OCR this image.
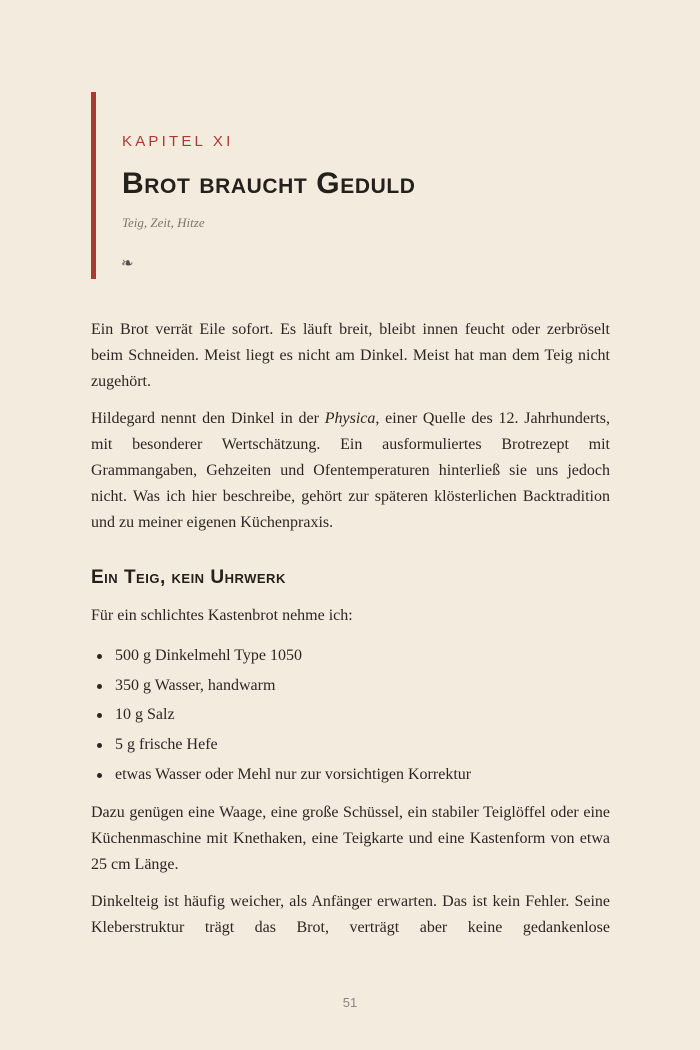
KAPITEL XI
Brot braucht Geduld
Teig, Zeit, Hitze
❧

Ein Brot verrät Eile sofort. Es läuft breit, bleibt innen feucht oder zerbröselt beim Schneiden. Meist liegt es nicht am Dinkel. Meist hat man dem Teig nicht zugehört.

Hildegard nennt den Dinkel in der Physica, einer Quelle des 12. Jahrhunderts, mit besonderer Wertschätzung. Ein ausformuliertes Brotrezept mit Grammangaben, Gehzeiten und Ofentemperaturen hinterließ sie uns jedoch nicht. Was ich hier beschreibe, gehört zur späteren klösterlichen Backtradition und zu meiner eigenen Küchenpraxis.

Ein Teig, kein Uhrwerk

Für ein schlichtes Kastenbrot nehme ich:

500 g Dinkelmehl Type 1050
350 g Wasser, handwarm
10 g Salz
5 g frische Hefe
etwas Wasser oder Mehl nur zur vorsichtigen Korrektur

Dazu genügen eine Waage, eine große Schüssel, ein stabiler Teiglöffel oder eine Küchenmaschine mit Knethaken, eine Teigkarte und eine Kastenform von etwa 25 cm Länge.

Dinkelteig ist häufig weicher, als Anfänger erwarten. Das ist kein Fehler. Seine Kleberstruktur trägt das Brot, verträgt aber keine gedankenlose

51
